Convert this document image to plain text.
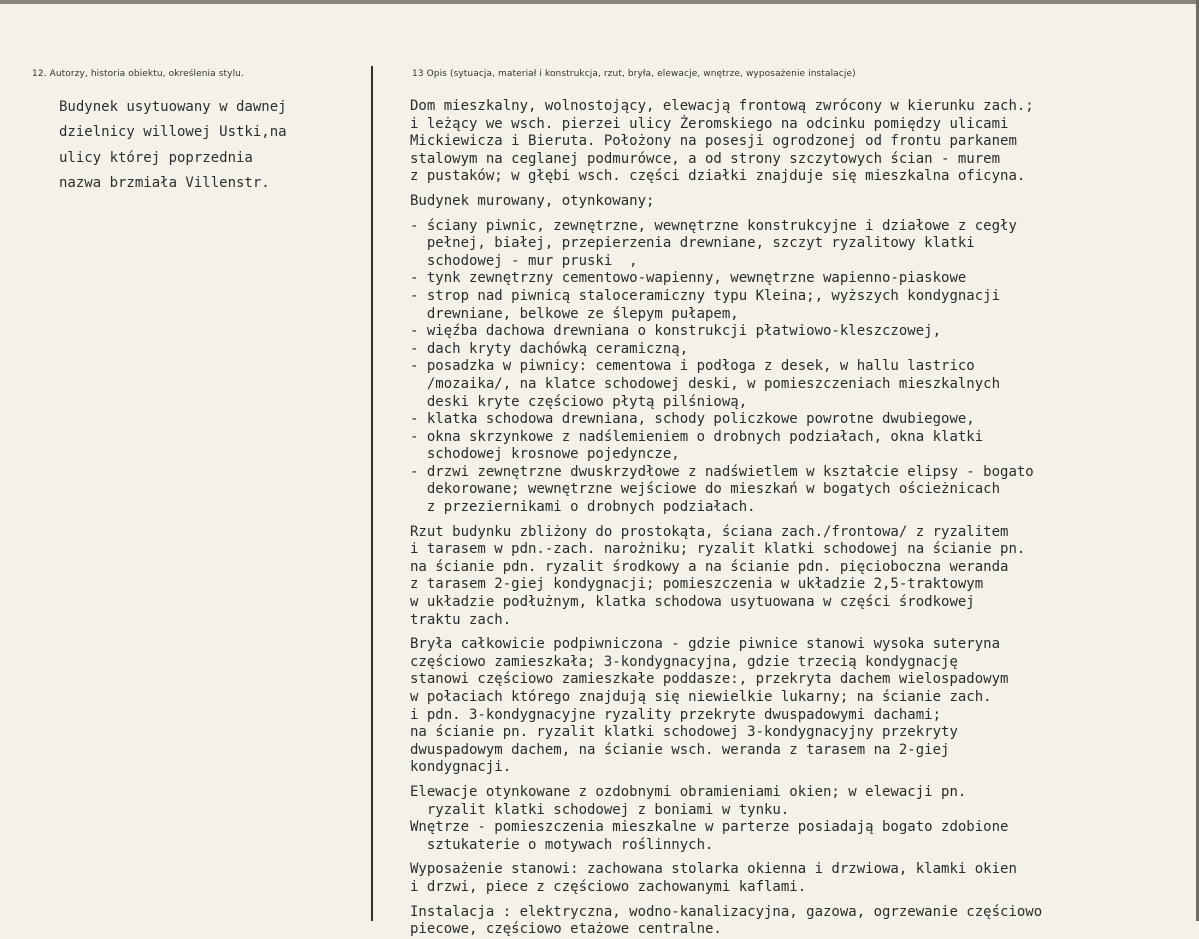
12. Autorzy, historia obiektu, określenia stylu.	13 Opis (sytuacja, materiał i konstrukcja, rzut, bryła, elewacje, wnętrze, wyposażenie instalacje)
Budynek usytuowany w dawnej
dzielnicy willowej Ustki,na
ulicy której poprzednia
nazwa brzmiała Villenstr.
Dom mieszkalny, wolnostojący, elewacją frontową zwrócony w kierunku zach.;
i leżący we wsch. pierzei ulicy Żeromskiego na odcinku pomiędzy ulicami
Mickiewicza i Bieruta. Położony na posesji ogrodzonej od frontu parkanem
stalowym na ceglanej podmurówce, a od strony szczytowych ścian - murem
z pustaków; w głębi wsch. części działki znajduje się mieszkalna oficyna.
Budynek murowany, otynkowany;
- ściany piwnic, zewnętrzne, wewnętrzne konstrukcyjne i działowe z cegły
pełnej, białej, przepierzenia drewniane, szczyt ryzalitowy klatki
schodowej - mur pruski  ,
- tynk zewnętrzny cementowo-wapienny, wewnętrzne wapienno-piaskowe
- strop nad piwnicą staloceramiczny typu Kleina;, wyższych kondygnacji
drewniane, belkowe ze ślepym pułapem,
- więźba dachowa drewniana o konstrukcji płatwiowo-kleszczowej,
- dach kryty dachówką ceramiczną,
- posadzka w piwnicy: cementowa i podłoga z desek, w hallu lastrico
/mozaika/, na klatce schodowej deski, w pomieszczeniach mieszkalnych
deski kryte częściowo płytą pilśniową,
- klatka schodowa drewniana, schody policzkowe powrotne dwubiegowe,
- okna skrzynkowe z nadślemieniem o drobnych podziałach, okna klatki
schodowej krosnowe pojedyncze,
- drzwi zewnętrzne dwuskrzydłowe z nadświetlem w kształcie elipsy - bogato
dekorowane; wewnętrzne wejściowe do mieszkań w bogatych ościeżnicach
z przeziernikami o drobnych podziałach.
Rzut budynku zbliżony do prostokąta, ściana zach./frontowa/ z ryzalitem
i tarasem w pdn.-zach. narożniku; ryzalit klatki schodowej na ścianie pn.
na ścianie pdn. ryzalit środkowy a na ścianie pdn. pięcioboczna weranda
z tarasem 2-giej kondygnacji; pomieszczenia w układzie 2,5-traktowym
w układzie podłużnym, klatka schodowa usytuowana w części środkowej
traktu zach.
Bryła całkowicie podpiwniczona - gdzie piwnice stanowi wysoka suteryna
częściowo zamieszkała; 3-kondygnacyjna, gdzie trzecią kondygnację
stanowi częściowo zamieszkałe poddasze:, przekryta dachem wielospadowym
w połaciach którego znajdują się niewielkie lukarny; na ścianie zach.
i pdn. 3-kondygnacyjne ryzality przekryte dwuspadowymi dachami;
na ścianie pn. ryzalit klatki schodowej 3-kondygnacyjny przekryty
dwuspadowym dachem, na ścianie wsch. weranda z tarasem na 2-giej
kondygnacji.
Elewacje otynkowane z ozdobnymi obramieniami okien; w elewacji pn.
ryzalit klatki schodowej z boniami w tynku.
Wnętrze - pomieszczenia mieszkalne w parterze posiadają bogato zdobione
sztukaterie o motywach roślinnych.
Wyposażenie stanowi: zachowana stolarka okienna i drzwiowa, klamki okien
i drzwi, piece z częściowo zachowanymi kaflami.
Instalacja : elektryczna, wodno-kanalizacyjna, gazowa, ogrzewanie częściowo
piecowe, częściowo etażowe centralne.
